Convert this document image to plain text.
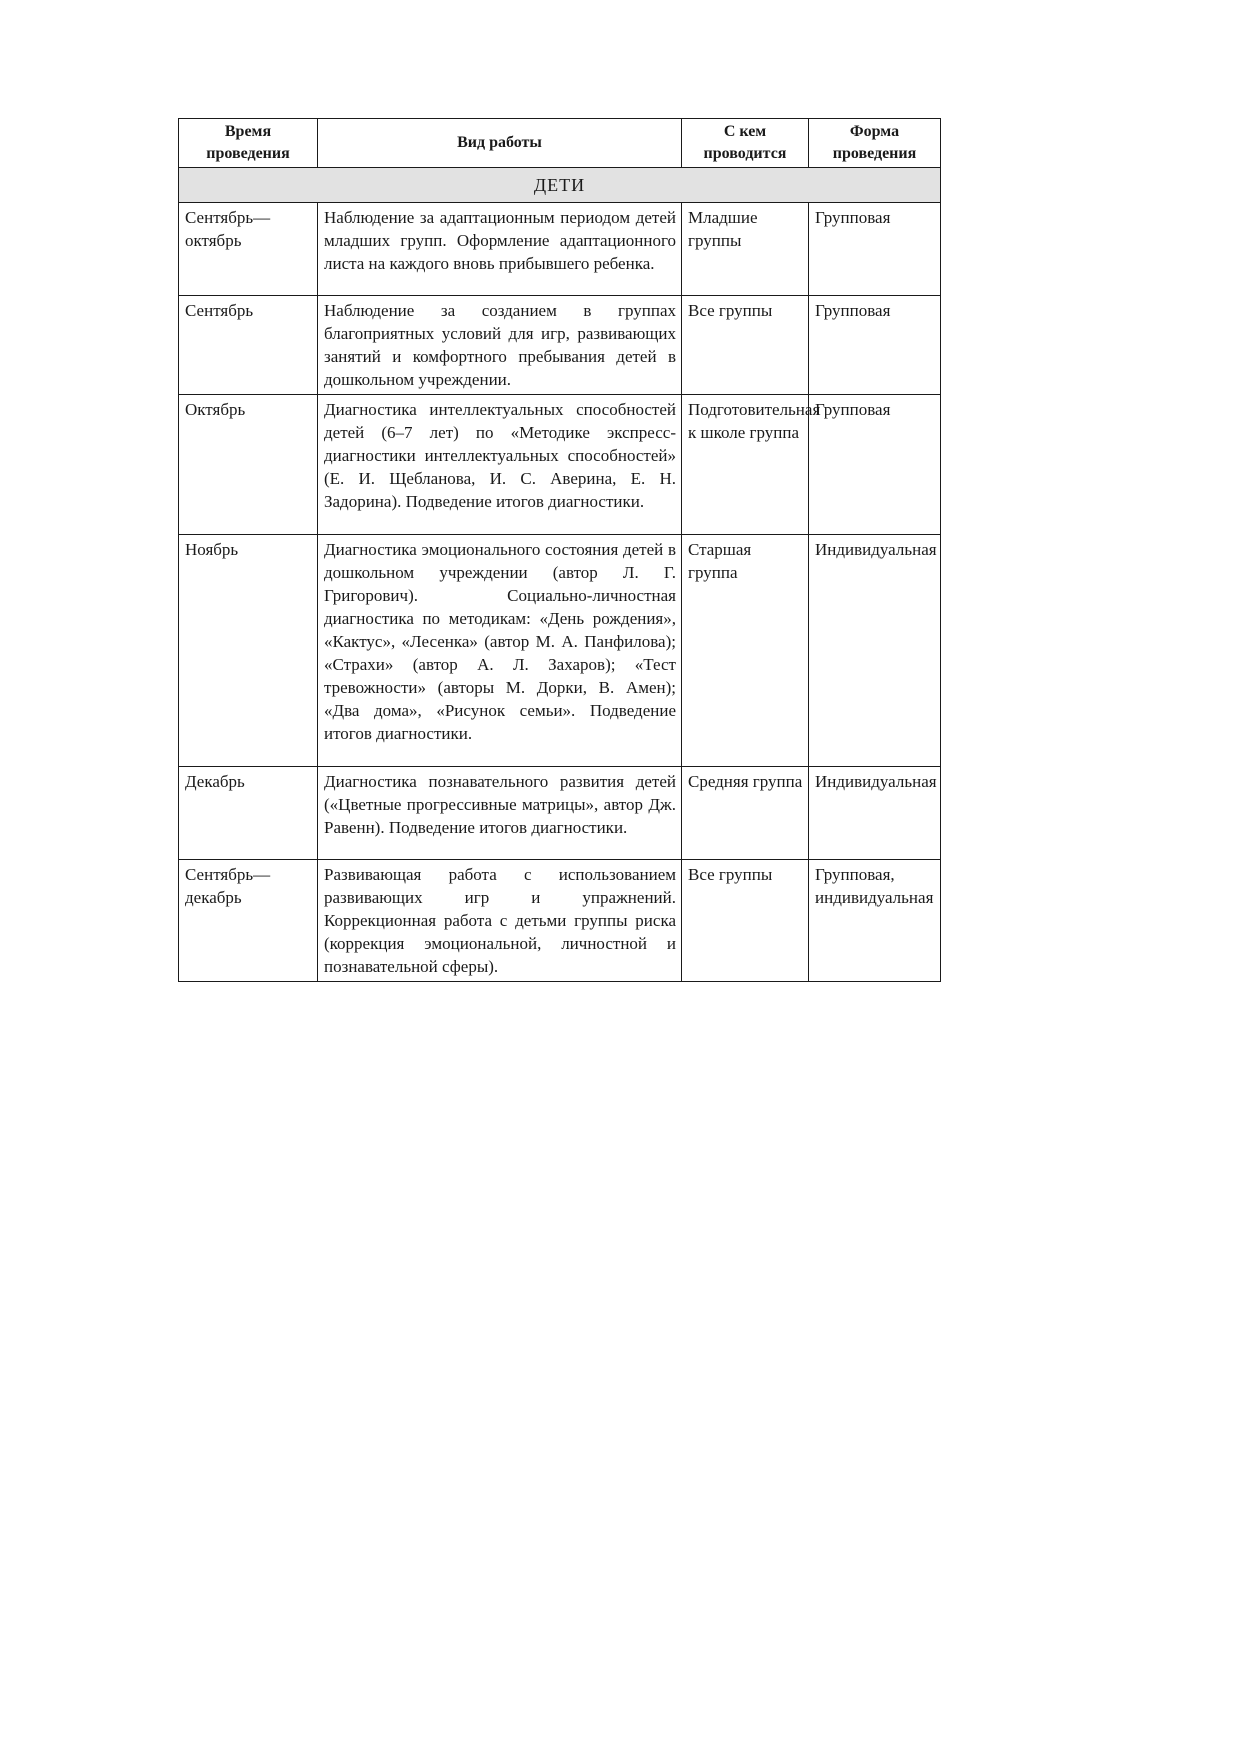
Время проведения	Вид работы	С кем проводится	Форма проведения
ДЕТИ			
Сентябрь—октябрь	Наблюдение за адаптационным периодом детей младших групп. Оформление адаптационного листа на каждого вновь прибывшего ребенка.	Младшие группы	Групповая
Сентябрь	Наблюдение за созданием в группах благоприятных условий для игр, развивающих занятий и комфортного пребывания детей в дошкольном учреждении.	Все группы	Групповая
Октябрь	Диагностика интеллектуальных способностей детей (6–7 лет) по «Методике экспресс-диагностики интеллектуальных способностей» (Е. И. Щебланова, И. С. Аверина, Е. Н. Задорина). Подведение итогов диагностики.	Подготовительная к школе группа	Групповая
Ноябрь	Диагностика эмоционального состояния детей в дошкольном учреждении (автор Л. Г. Григорович). Социально-личностная диагностика по методикам: «День рождения», «Кактус», «Лесенка» (автор М. А. Панфилова); «Страхи» (автор А. Л. Захаров); «Тест тревожности» (авторы М. Дорки, В. Амен); «Два дома», «Рисунок семьи». Подведение итогов диагностики.	Старшая группа	Индивидуальная
Декабрь	Диагностика познавательного развития детей («Цветные прогрессивные матрицы», автор Дж. Равенн). Подведение итогов диагностики.	Средняя группа	Индивидуальная
Сентябрь—декабрь	Развивающая работа с использованием развивающих игр и упражнений. Коррекционная работа с детьми группы риска (коррекция эмоциональной, личностной и познавательной сферы).	Все группы	Групповая, индивидуальная
